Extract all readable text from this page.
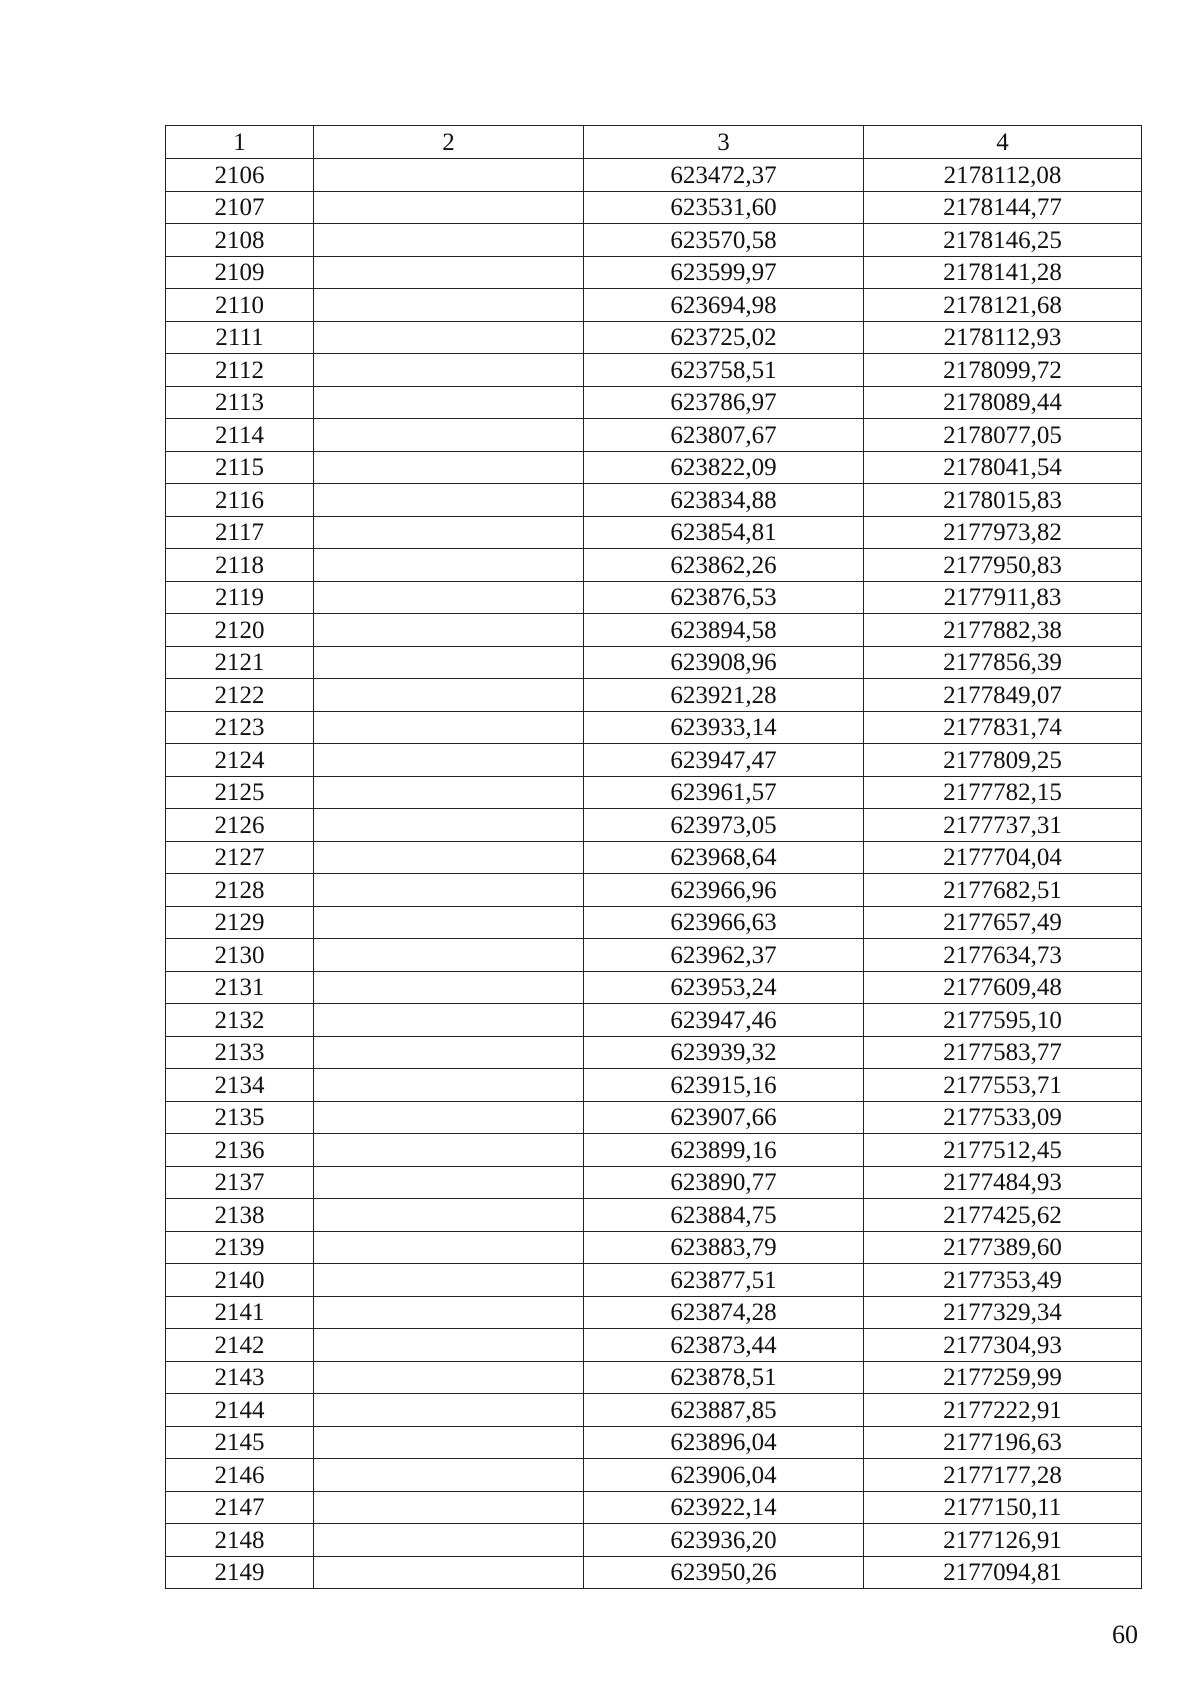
1	2	3	4
2106		623472,37	2178112,08
2107		623531,60	2178144,77
2108		623570,58	2178146,25
2109		623599,97	2178141,28
2110		623694,98	2178121,68
2111		623725,02	2178112,93
2112		623758,51	2178099,72
2113		623786,97	2178089,44
2114		623807,67	2178077,05
2115		623822,09	2178041,54
2116		623834,88	2178015,83
2117		623854,81	2177973,82
2118		623862,26	2177950,83
2119		623876,53	2177911,83
2120		623894,58	2177882,38
2121		623908,96	2177856,39
2122		623921,28	2177849,07
2123		623933,14	2177831,74
2124		623947,47	2177809,25
2125		623961,57	2177782,15
2126		623973,05	2177737,31
2127		623968,64	2177704,04
2128		623966,96	2177682,51
2129		623966,63	2177657,49
2130		623962,37	2177634,73
2131		623953,24	2177609,48
2132		623947,46	2177595,10
2133		623939,32	2177583,77
2134		623915,16	2177553,71
2135		623907,66	2177533,09
2136		623899,16	2177512,45
2137		623890,77	2177484,93
2138		623884,75	2177425,62
2139		623883,79	2177389,60
2140		623877,51	2177353,49
2141		623874,28	2177329,34
2142		623873,44	2177304,93
2143		623878,51	2177259,99
2144		623887,85	2177222,91
2145		623896,04	2177196,63
2146		623906,04	2177177,28
2147		623922,14	2177150,11
2148		623936,20	2177126,91
2149		623950,26	2177094,81
60
